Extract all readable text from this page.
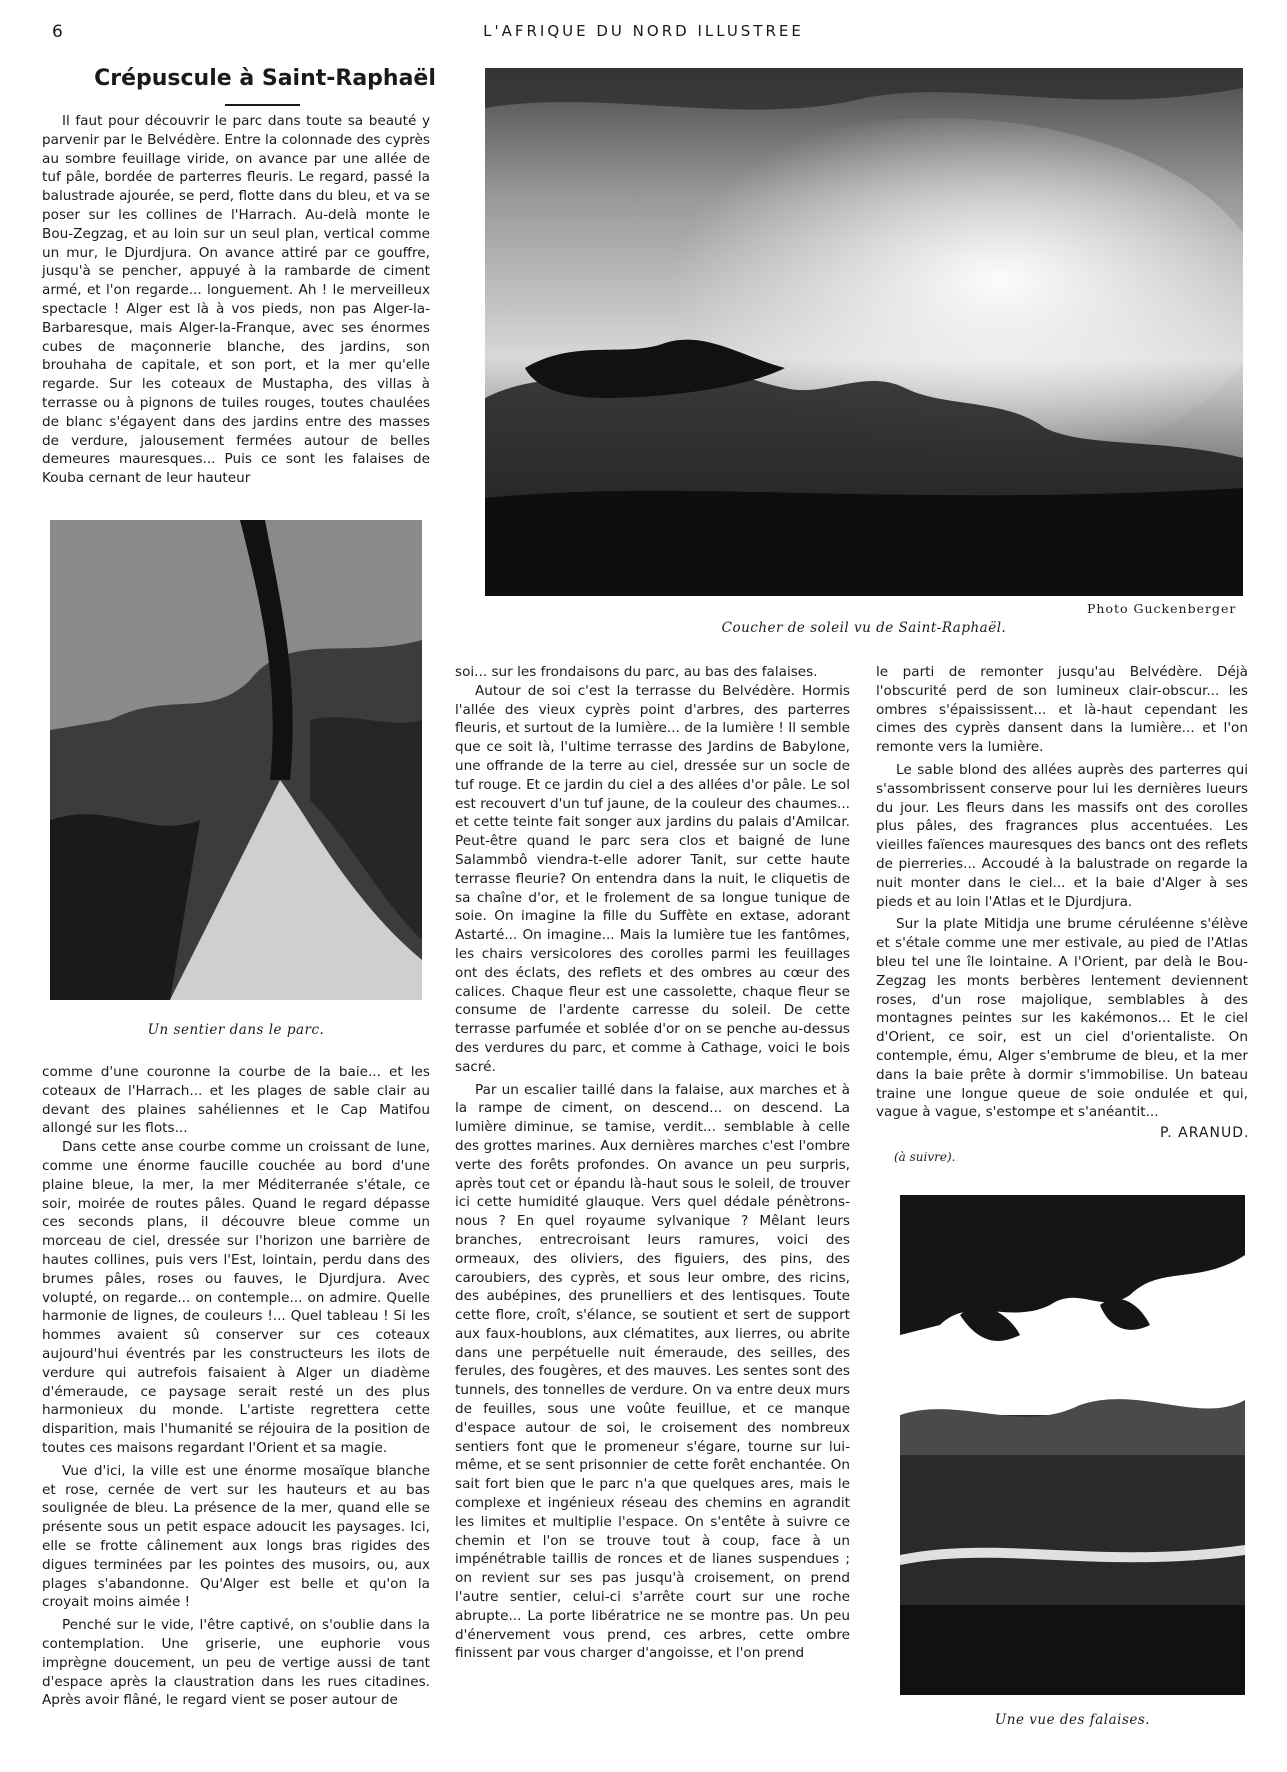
6	L'AFRIQUE DU NORD ILLUSTREE
Crépuscule à Saint-Raphaël

Il faut pour découvrir le parc dans toute sa beauté y parvenir par le Belvédère. Entre la colonnade des cyprès au sombre feuillage viride, on avance par une allée de tuf pâle, bordée de parterres fleuris. Le regard, passé la balustrade ajourée, se perd, flotte dans du bleu, et va se poser sur les collines de l'Harrach. Au-delà monte le Bou-Zegzag, et au loin sur un seul plan, vertical comme un mur, le Djurdjura. On avance attiré par ce gouffre, jusqu'à se pencher, appuyé à la rambarde de ciment armé, et l'on regarde... longuement. Ah ! le merveilleux spectacle ! Alger est là à vos pieds, non pas Alger-la-Barbaresque, mais Alger-la-Franque, avec ses énormes cubes de maçonnerie blanche, des jardins, son brouhaha de capitale, et son port, et la mer qu'elle regarde. Sur les coteaux de Mustapha, des villas à terrasse ou à pignons de tuiles rouges, toutes chaulées de blanc s'égayent dans des jardins entre des masses de verdure, jalousement fermées autour de belles demeures mauresques... Puis ce sont les falaises de Kouba cernant de leur hauteur

Photo Guckenberger
Coucher de soleil vu de Saint-Raphaël.
Un sentier dans le parc.

comme d'une couronne la courbe de la baie... et les coteaux de l'Harrach... et les plages de sable clair au devant des plaines sahéliennes et le Cap Matifou allongé sur les flots...

Dans cette anse courbe comme un croissant de lune, comme une énorme faucille couchée au bord d'une plaine bleue, la mer, la mer Méditerranée s'étale, ce soir, moirée de routes pâles. Quand le regard dépasse ces seconds plans, il découvre bleue comme un morceau de ciel, dressée sur l'horizon une barrière de hautes collines, puis vers l'Est, lointain, perdu dans des brumes pâles, roses ou fauves, le Djurdjura. Avec volupté, on regarde... on contemple... on admire. Quelle harmonie de lignes, de couleurs !... Quel tableau ! Si les hommes avaient sû conserver sur ces coteaux aujourd'hui éventrés par les constructeurs les ilots de verdure qui autrefois faisaient à Alger un diadème d'émeraude, ce paysage serait resté un des plus harmonieux du monde. L'artiste regrettera cette disparition, mais l'humanité se réjouira de la position de toutes ces maisons regardant l'Orient et sa magie.

Vue d'ici, la ville est une énorme mosaïque blanche et rose, cernée de vert sur les hauteurs et au bas soulignée de bleu. La présence de la mer, quand elle se présente sous un petit espace adoucit les paysages. Ici, elle se frotte câlinement aux longs bras rigides des digues terminées par les pointes des musoirs, ou, aux plages s'abandonne. Qu'Alger est belle et qu'on la croyait moins aimée !

Penché sur le vide, l'être captivé, on s'oublie dans la contemplation. Une griserie, une euphorie vous imprègne doucement, un peu de vertige aussi de tant d'espace après la claustration dans les rues citadines. Après avoir flâné, le regard vient se poser autour de

soi... sur les frondaisons du parc, au bas des falaises.

Autour de soi c'est la terrasse du Belvédère. Hormis l'allée des vieux cyprès point d'arbres, des parterres fleuris, et surtout de la lumière... de la lumière ! Il semble que ce soit là, l'ultime terrasse des Jardins de Babylone, une offrande de la terre au ciel, dressée sur un socle de tuf rouge. Et ce jardin du ciel a des allées d'or pâle. Le sol est recouvert d'un tuf jaune, de la couleur des chaumes... et cette teinte fait songer aux jardins du palais d'Amilcar. Peut-être quand le parc sera clos et baigné de lune Salammbô viendra-t-elle adorer Tanit, sur cette haute terrasse fleurie? On entendra dans la nuit, le cliquetis de sa chaîne d'or, et le frolement de sa longue tunique de soie. On imagine la fille du Suffète en extase, adorant Astarté... On imagine... Mais la lumière tue les fantômes, les chairs versicolores des corolles parmi les feuillages ont des éclats, des reflets et des ombres au cœur des calices. Chaque fleur est une cassolette, chaque fleur se consume de l'ardente carresse du soleil. De cette terrasse parfumée et soblée d'or on se penche au-dessus des verdures du parc, et comme à Cathage, voici le bois sacré.

Par un escalier taillé dans la falaise, aux marches et à la rampe de ciment, on descend... on descend. La lumière diminue, se tamise, verdit... semblable à celle des grottes marines. Aux dernières marches c'est l'ombre verte des forêts profondes. On avance un peu surpris, après tout cet or épandu là-haut sous le soleil, de trouver ici cette humidité glauque. Vers quel dédale pénètrons-nous ? En quel royaume sylvanique ? Mêlant leurs branches, entrecroisant leurs ramures, voici des ormeaux, des oliviers, des figuiers, des pins, des caroubiers, des cyprès, et sous leur ombre, des ricins, des aubépines, des prunelliers et des lentisques. Toute cette flore, croît, s'élance, se soutient et sert de support aux faux-houblons, aux clématites, aux lierres, ou abrite dans une perpétuelle nuit émeraude, des seilles, des ferules, des fougères, et des mauves. Les sentes sont des tunnels, des tonnelles de verdure. On va entre deux murs de feuilles, sous une voûte feuillue, et ce manque d'espace autour de soi, le croisement des nombreux sentiers font que le promeneur s'égare, tourne sur lui-même, et se sent prisonnier de cette forêt enchantée. On sait fort bien que le parc n'a que quelques ares, mais le complexe et ingénieux réseau des chemins en agrandit les limites et multiplie l'espace. On s'entête à suivre ce chemin et l'on se trouve tout à coup, face à un impénétrable taillis de ronces et de lianes suspendues ; on revient sur ses pas jusqu'à croisement, on prend l'autre sentier, celui-ci s'arrête court sur une roche abrupte... La porte libératrice ne se montre pas. Un peu d'énervement vous prend, ces arbres, cette ombre finissent par vous charger d'angoisse, et l'on prend

le parti de remonter jusqu'au Belvédère. Déjà l'obscurité perd de son lumineux clair-obscur... les ombres s'épaississent... et là-haut cependant les cimes des cyprès dansent dans la lumière... et l'on remonte vers la lumière.

Le sable blond des allées auprès des parterres qui s'assombrissent conserve pour lui les dernières lueurs du jour. Les fleurs dans les massifs ont des corolles plus pâles, des fragrances plus accentuées. Les vieilles faïences mauresques des bancs ont des reflets de pierreries... Accoudé à la balustrade on regarde la nuit monter dans le ciel... et la baie d'Alger à ses pieds et au loin l'Atlas et le Djurdjura.

Sur la plate Mitidja une brume céruléenne s'élève et s'étale comme une mer estivale, au pied de l'Atlas bleu tel une île lointaine. A l'Orient, par delà le Bou-Zegzag les monts berbères lentement deviennent roses, d'un rose majolique, semblables à des montagnes peintes sur les kakémonos... Et le ciel d'Orient, ce soir, est un ciel d'orientaliste. On contemple, ému, Alger s'embrume de bleu, et la mer dans la baie prête à dormir s'immobilise. Un bateau traine une longue queue de soie ondulée et qui, vague à vague, s'estompe et s'anéantit...

P. ARANUD.
(à suivre).
Une vue des falaises.
